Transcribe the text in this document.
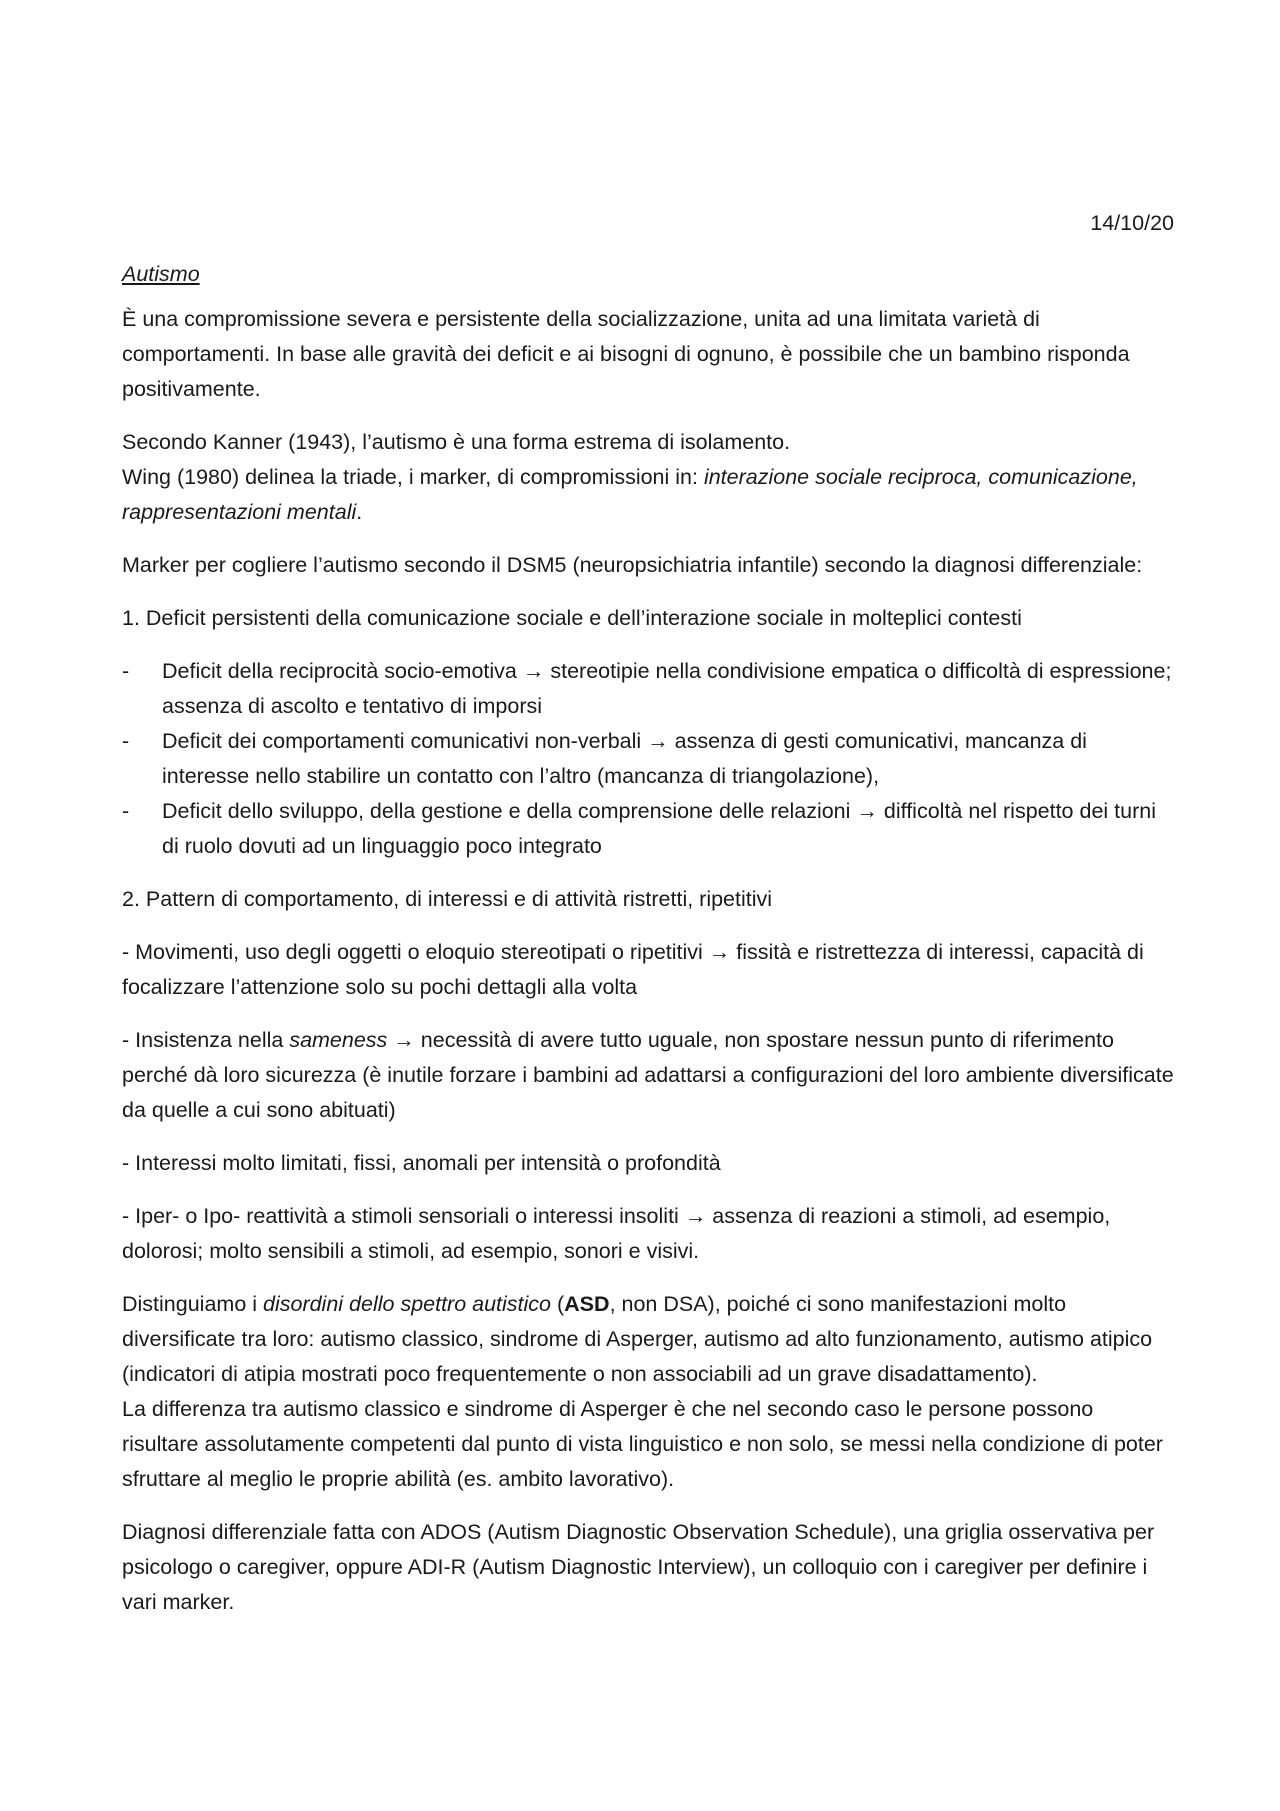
14/10/20
Autismo

È una compromissione severa e persistente della socializzazione, unita ad una limitata varietà di comportamenti. In base alle gravità dei deficit e ai bisogni di ognuno, è possibile che un bambino risponda positivamente.

Secondo Kanner (1943), l’autismo è una forma estrema di isolamento.
Wing (1980) delinea la triade, i marker, di compromissioni in: interazione sociale reciproca, comunicazione, rappresentazioni mentali.

Marker per cogliere l’autismo secondo il DSM5 (neuropsichiatria infantile) secondo la diagnosi differenziale:

1. Deficit persistenti della comunicazione sociale e dell’interazione sociale in molteplici contesti

- Deficit della reciprocità socio-emotiva → stereotipie nella condivisione empatica o difficoltà di espressione; assenza di ascolto e tentativo di imporsi
- Deficit dei comportamenti comunicativi non-verbali → assenza di gesti comunicativi, mancanza di interesse nello stabilire un contatto con l’altro (mancanza di triangolazione),
- Deficit dello sviluppo, della gestione e della comprensione delle relazioni → difficoltà nel rispetto dei turni di ruolo dovuti ad un linguaggio poco integrato

2. Pattern di comportamento, di interessi e di attività ristretti, ripetitivi

- Movimenti, uso degli oggetti o eloquio stereotipati o ripetitivi → fissità e ristrettezza di interessi, capacità di focalizzare l’attenzione solo su pochi dettagli alla volta

- Insistenza nella sameness → necessità di avere tutto uguale, non spostare nessun punto di riferimento perché dà loro sicurezza (è inutile forzare i bambini ad adattarsi a configurazioni del loro ambiente diversificate da quelle a cui sono abituati)

- Interessi molto limitati, fissi, anomali per intensità o profondità

- Iper- o Ipo- reattività a stimoli sensoriali o interessi insoliti → assenza di reazioni a stimoli, ad esempio, dolorosi; molto sensibili a stimoli, ad esempio, sonori e visivi.

Distinguiamo i disordini dello spettro autistico (ASD, non DSA), poiché ci sono manifestazioni molto diversificate tra loro: autismo classico, sindrome di Asperger, autismo ad alto funzionamento, autismo atipico (indicatori di atipia mostrati poco frequentemente o non associabili ad un grave disadattamento).

La differenza tra autismo classico e sindrome di Asperger è che nel secondo caso le persone possono risultare assolutamente competenti dal punto di vista linguistico e non solo, se messi nella condizione di poter sfruttare al meglio le proprie abilità (es. ambito lavorativo).

Diagnosi differenziale fatta con ADOS (Autism Diagnostic Observation Schedule), una griglia osservativa per psicologo o caregiver, oppure ADI-R (Autism Diagnostic Interview), un colloquio con i caregiver per definire i vari marker.
